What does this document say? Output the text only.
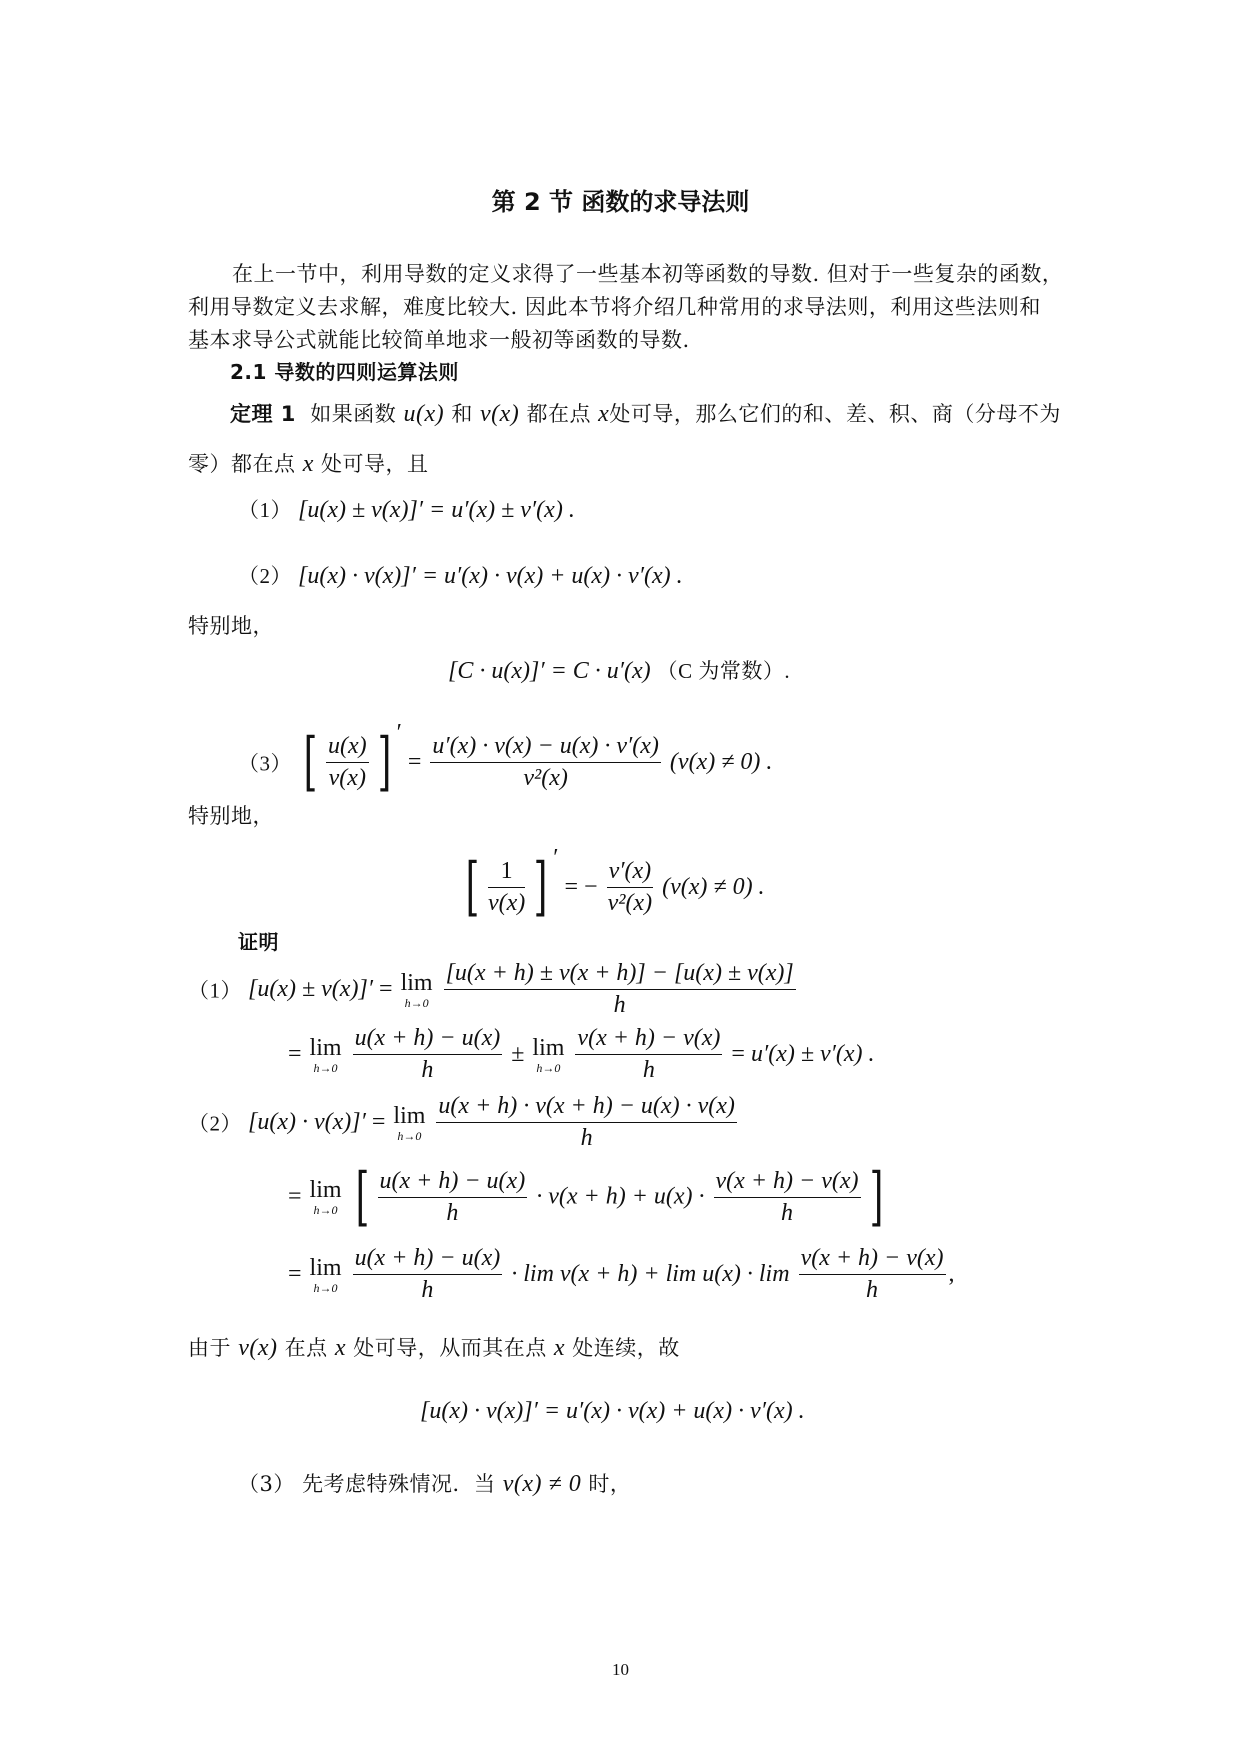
第 2 节 函数的求导法则
在上一节中，利用导数的定义求得了一些基本初等函数的导数. 但对于一些复杂的函数，
利用导数定义去求解，难度比较大. 因此本节将介绍几种常用的求导法则，利用这些法则和
基本求导公式就能比较简单地求一般初等函数的导数.
2.1 导数的四则运算法则
定理 1 如果函数 u(x) 和 v(x) 都在点 x处可导，那么它们的和、差、积、商（分母不为
零）都在点 x 处可导，且
（1） [u(x) ± v(x)]′ = u′(x) ± v′(x) .
（2） [u(x) · v(x)]′ = u′(x) · v(x) + u(x) · v′(x) .
特别地，
[C · u(x)]′ = C · u′(x) （C 为常数）.
（3） [ $\frac{u(x)}{v(x)}$ ] ′ = $\frac{u'(x) \cdot v(x) - u(x) \cdot v'(x)}{\text{v²(x)}} (v(x) \ne 0)$ .
特别地，
[ $\frac{1}{v(x)}$ ] ′ = − $\frac{v'(x)}{\text{v²(x)}} (v(x) \ne 0)$ .
证明
（1） [u(x) ± v(x)]′ = lim
h→0
$\frac{[u(x + h) \pm v(x + h)] - [u(x) \pm v(x)]}{h}$
= lim
h→0
$\frac{u(x + h) - u(x)}{h} \pm \lim$
h→0
$\frac{v(x + h) - v(x)}{h} = u'(x) \pm v'(x)$ .
（2） [u(x) · v(x)]′ = lim
h→0
$\frac{u(x + h) \cdot v(x + h) - u(x) \cdot v(x)}{h}$
= lim
h→0 [ $\frac{u(x + h) - u(x)}{h} \cdot v(x + h) + u(x) \cdot \frac{v(x + h) - v(x)}{h}$ ]
= lim
h→0
$\frac{u(x + h) - u(x)}{h} \cdot \lim v(x + h) + \lim u(x) \cdot \lim \frac{v(x + h) - v(x)}{h}$ ,
由于 v(x) 在点 x 处可导，从而其在点 x 处连续，故
[u(x) · v(x)]′ = u′(x) · v(x) + u(x) · v′(x) .
（3） 先考虑特殊情况．当 v(x) ≠ 0 时，
10
